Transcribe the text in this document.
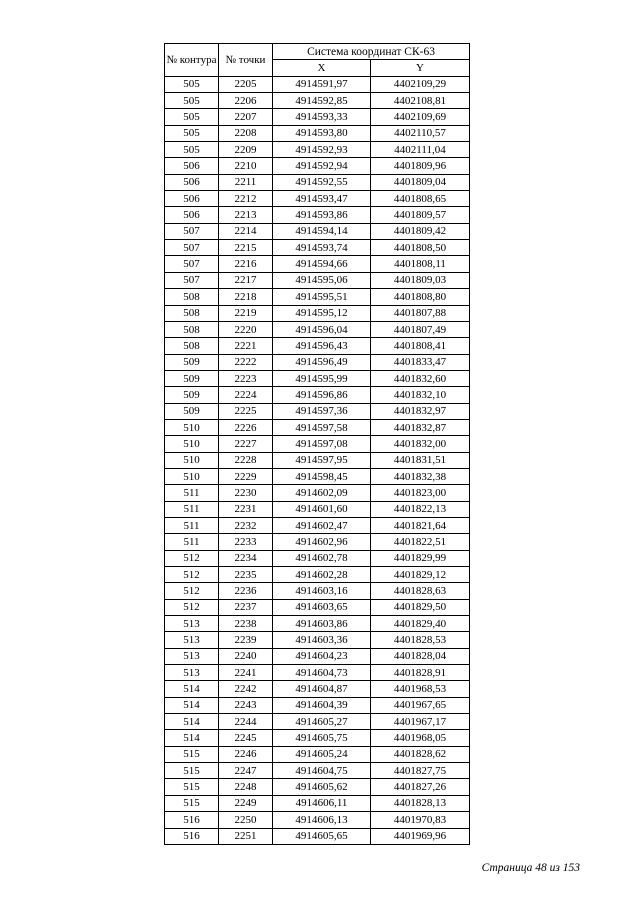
№ контура	№ точки	Система координат СК-63	
		X	Y
505	2205	4914591,97	4402109,29
505	2206	4914592,85	4402108,81
505	2207	4914593,33	4402109,69
505	2208	4914593,80	4402110,57
505	2209	4914592,93	4402111,04
506	2210	4914592,94	4401809,96
506	2211	4914592,55	4401809,04
506	2212	4914593,47	4401808,65
506	2213	4914593,86	4401809,57
507	2214	4914594,14	4401809,42
507	2215	4914593,74	4401808,50
507	2216	4914594,66	4401808,11
507	2217	4914595,06	4401809,03
508	2218	4914595,51	4401808,80
508	2219	4914595,12	4401807,88
508	2220	4914596,04	4401807,49
508	2221	4914596,43	4401808,41
509	2222	4914596,49	4401833,47
509	2223	4914595,99	4401832,60
509	2224	4914596,86	4401832,10
509	2225	4914597,36	4401832,97
510	2226	4914597,58	4401832,87
510	2227	4914597,08	4401832,00
510	2228	4914597,95	4401831,51
510	2229	4914598,45	4401832,38
511	2230	4914602,09	4401823,00
511	2231	4914601,60	4401822,13
511	2232	4914602,47	4401821,64
511	2233	4914602,96	4401822,51
512	2234	4914602,78	4401829,99
512	2235	4914602,28	4401829,12
512	2236	4914603,16	4401828,63
512	2237	4914603,65	4401829,50
513	2238	4914603,86	4401829,40
513	2239	4914603,36	4401828,53
513	2240	4914604,23	4401828,04
513	2241	4914604,73	4401828,91
514	2242	4914604,87	4401968,53
514	2243	4914604,39	4401967,65
514	2244	4914605,27	4401967,17
514	2245	4914605,75	4401968,05
515	2246	4914605,24	4401828,62
515	2247	4914604,75	4401827,75
515	2248	4914605,62	4401827,26
515	2249	4914606,11	4401828,13
516	2250	4914606,13	4401970,83
516	2251	4914605,65	4401969,96
Страница 48 из 153
